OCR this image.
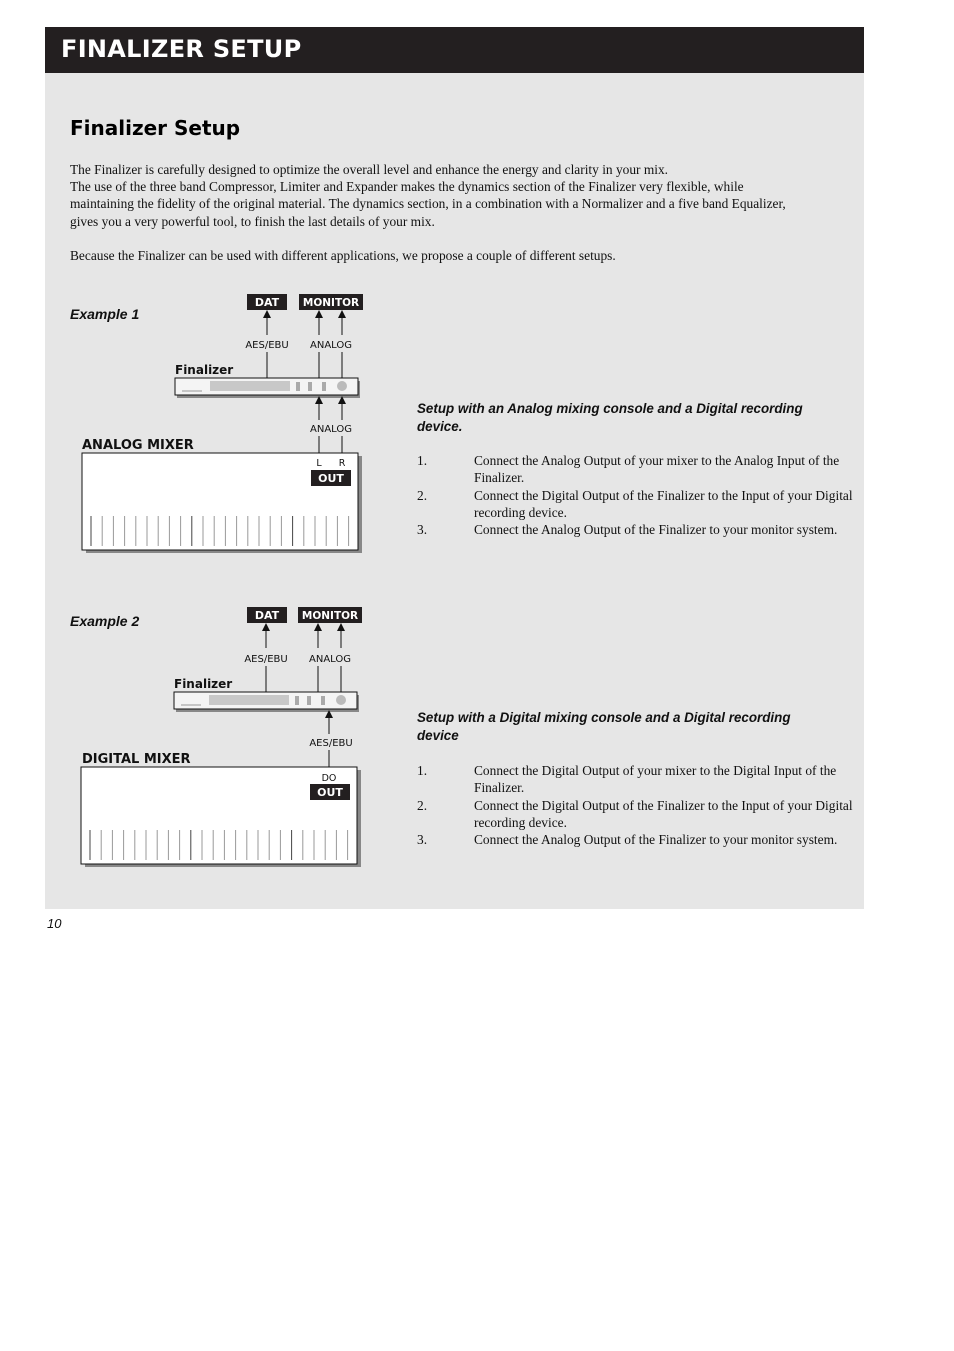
FINALIZER SETUP
Finalizer Setup

The Finalizer is carefully designed to optimize the overall level and enhance the energy and clarity in your mix.
The use of the three band Compressor, Limiter and Expander makes the dynamics section of the Finalizer very flexible, while maintaining the fidelity of the original material. The dynamics section, in a combination with a Normalizer and a five band Equalizer, gives you a very powerful tool, to finish the last details of your mix.

Because the Finalizer can be used with different applications, we propose a couple of different setups.

Example 1

DAT MONITOR
AES/EBU ANALOG
Finalizer
ANALOG
ANALOG MIXER
L R
OUT

Setup with an Analog mixing console and a Digital recording device.

1.	Connect the Analog Output of your mixer to the Analog Input of the Finalizer.
2.	Connect the Digital Output of the Finalizer to the Input of your Digital recording device.
3.	Connect the Analog Output of the Finalizer to your monitor system.

Example 2	DAT MONITOR
AES/EBU ANALOG
Finalizer
AES/EBU
DIGITAL MIXER
DO
OUT

Setup with a Digital mixing console and a Digital recording device

1.	Connect the Digital Output of your mixer to the Digital Input of the Finalizer.
2.	Connect the Digital Output of the Finalizer to the Input of your Digital recording device.
3.	Connect the Analog Output of the Finalizer to your monitor system.

10
